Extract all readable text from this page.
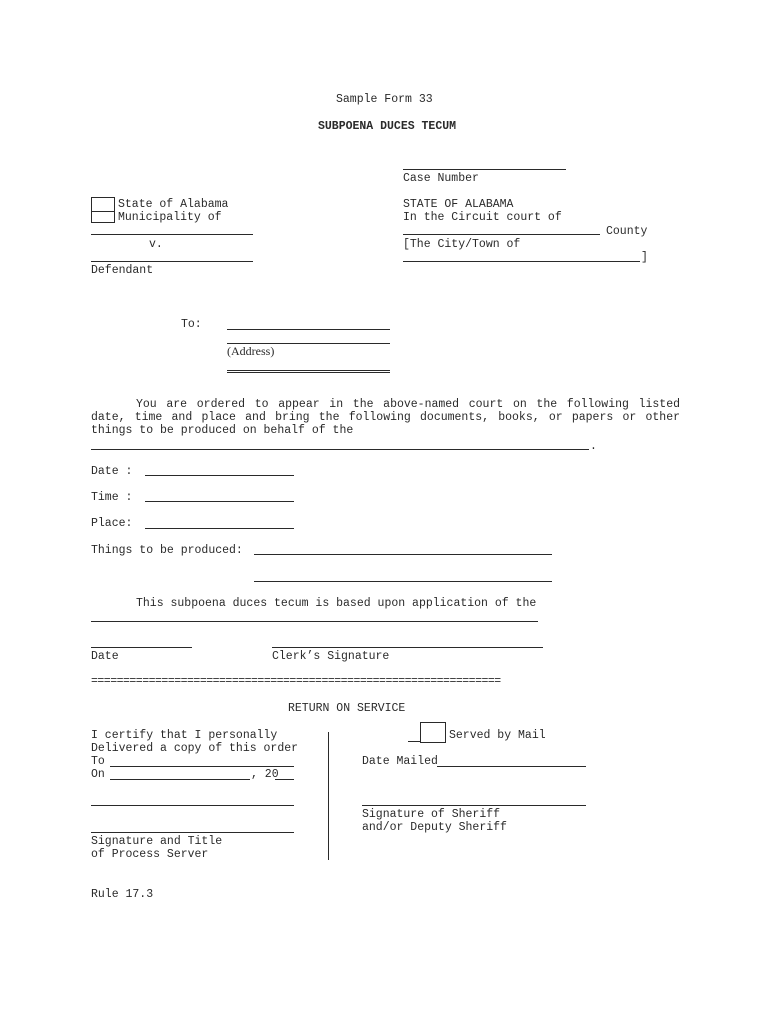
Sample Form 33
SUBPOENA DUCES TECUM
Case Number
State of Alabama
Municipality of
v.
Defendant
STATE OF ALABAMA
In the Circuit court of
County
[The City/Town of
]
To:
(Address)
You are ordered to appear in the above-named court on the following listed
date, time and place and bring the following documents, books, or papers or other
things to be produced on behalf of the
.
Date :
Time :
Place:
Things to be produced:
This subpoena duces tecum is based upon application of the
Date	Clerk’s Signature
================================================================
RETURN ON SERVICE
I certify that I personally
Delivered a copy of this order
To
On	, 20
Signature and Title
of Process Server
Served by Mail
Date Mailed
Signature of Sheriff
and/or Deputy Sheriff
Rule 17.3
